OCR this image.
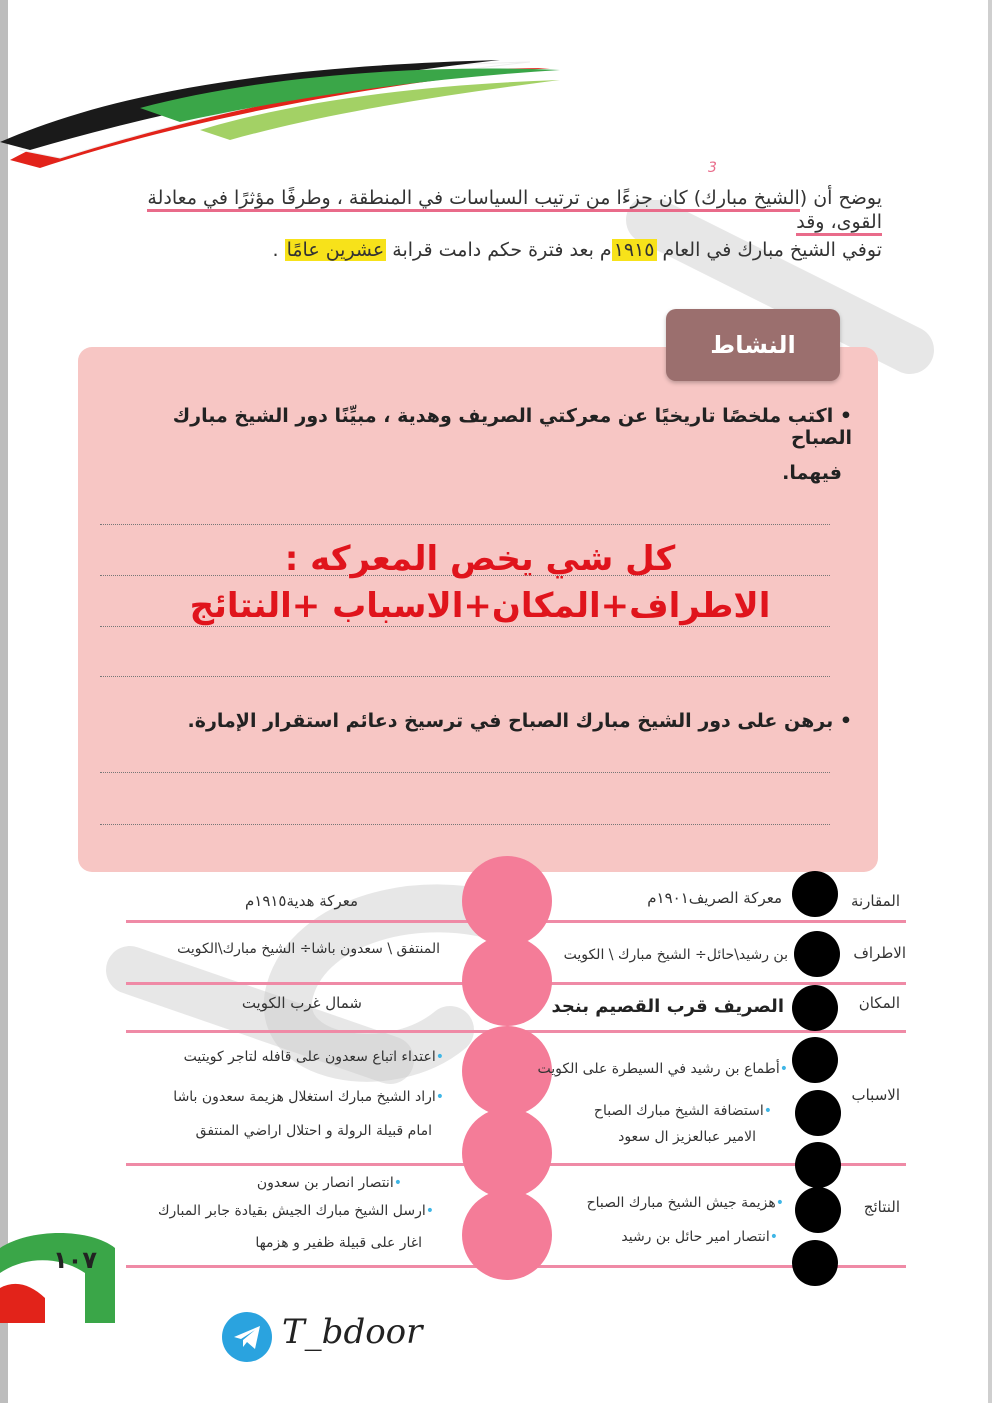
يوضح أن (الشيخ مبارك) كان جزءًا من ترتيب السياسات في المنطقة ، وطرفًا مؤثرًا في معادلة القوى، وقد
3
توفي الشيخ مبارك في العام ١٩١٥م بعد فترة حكم دامت قرابة عشرين عامًا .
النشاط
• اكتب ملخصًا تاريخيًا عن معركتي الصريف وهدية ، مبيِّنًا دور الشيخ مبارك الصباح
فيهما.
كل شي يخص المعركه :
الاطراف+المكان+الاسباب +النتائج
• برهن على دور الشيخ مبارك الصباح في ترسيخ دعائم استقرار الإمارة.
المقارنة
الاطراف
المكان
الاسباب
النتائج
معركة الصريف١٩٠١م
بن رشيد\حائل÷ الشيخ مبارك \ الكويت
الصريف قرب القصيم بنجد
•أطماع بن رشيد في السيطرة على الكويت
•استضافة الشيخ مبارك الصباح
الامير عبالعزيز ال سعود
•هزيمة جيش الشيخ مبارك الصباح
•انتصار امير حائل بن رشيد
معركة هدية١٩١٥م
المنتفق \ سعدون باشا÷ الشيخ مبارك\الكويت
شمال غرب الكويت
•اعتداء اتباع سعدون على قافله لتاجر كويتيت
•اراد الشيخ مبارك استغلال هزيمة سعدون باشا
امام قبيلة الرولة و احتلال اراضي المنتفق
•انتصار انصار بن سعدون
•ارسل الشيخ مبارك الجيش بقيادة جابر المبارك
اغار على قبيلة ظفير و هزمها
١٠٧
T_bdoor
